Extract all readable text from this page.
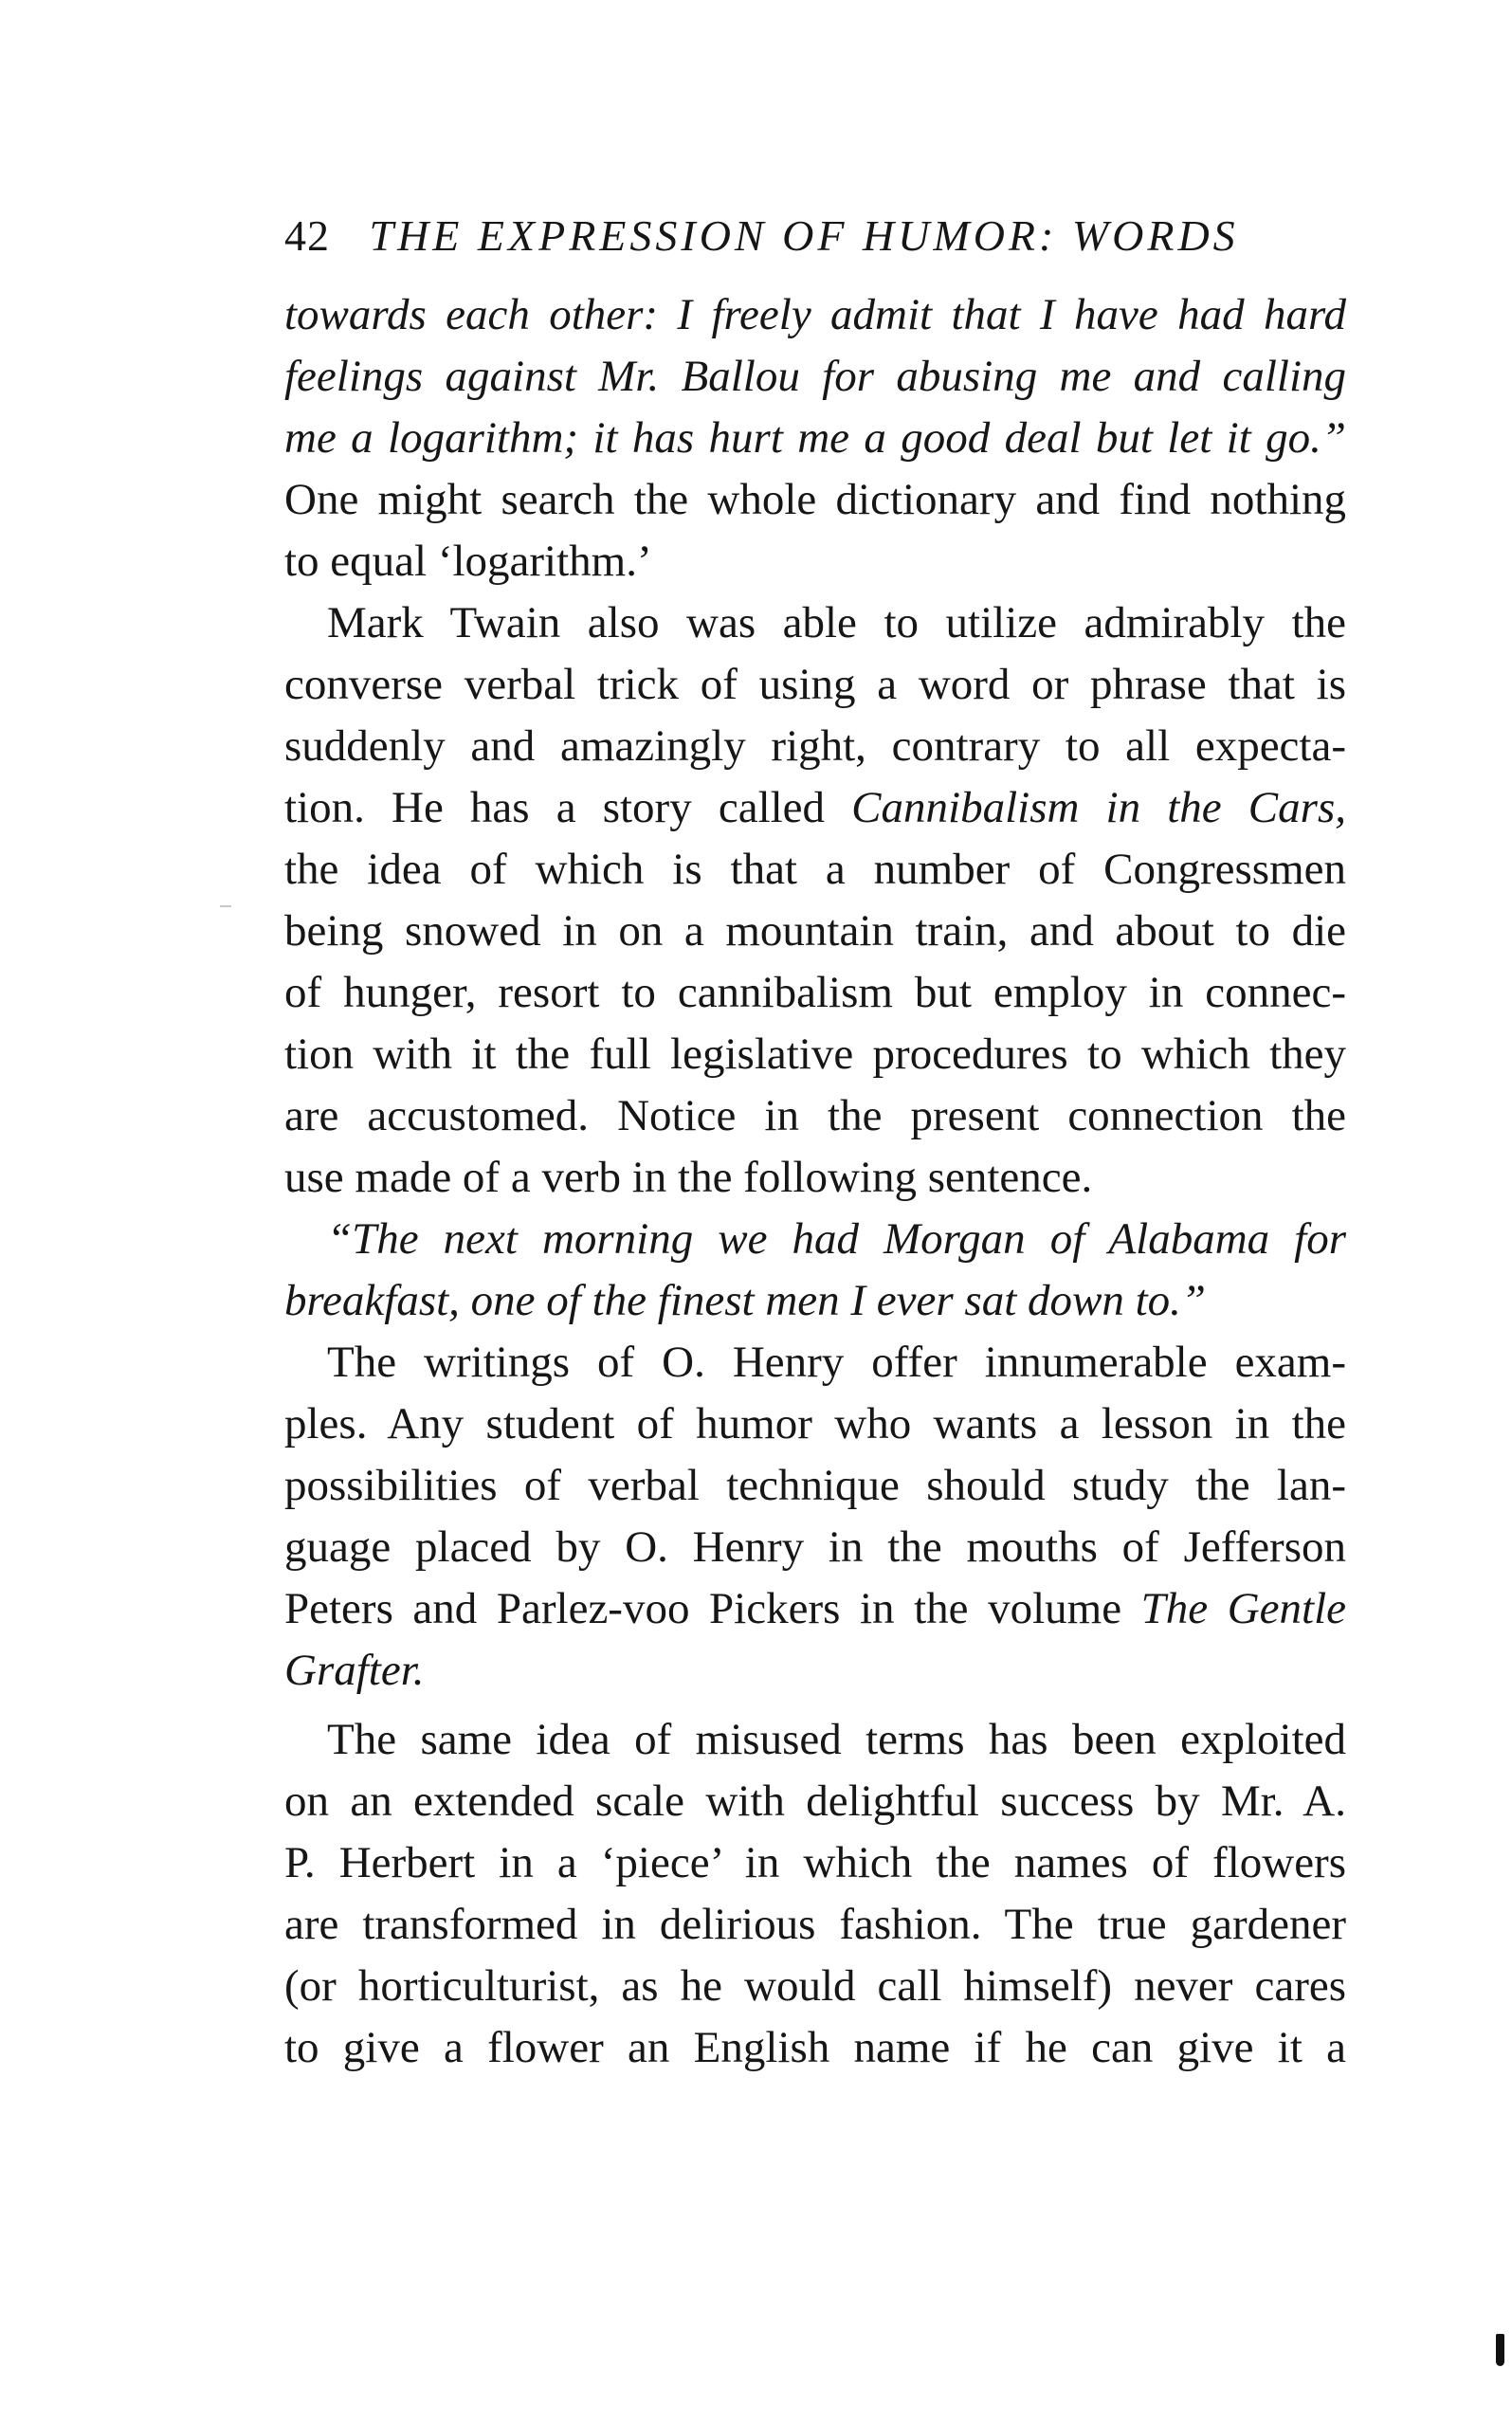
42 THE EXPRESSION OF HUMOR: WORDS
towards each other: I freely admit that I have had hard
feelings against Mr. Ballou for abusing me and calling
me a logarithm; it has hurt me a good deal but let it go.”
One might search the whole dictionary and find nothing
to equal ‘logarithm.’
Mark Twain also was able to utilize admirably the
converse verbal trick of using a word or phrase that is
suddenly and amazingly right, contrary to all expecta-
tion. He has a story called Cannibalism in the Cars,
the idea of which is that a number of Congressmen
being snowed in on a mountain train, and about to die
of hunger, resort to cannibalism but employ in connec-
tion with it the full legislative procedures to which they
are accustomed. Notice in the present connection the
use made of a verb in the following sentence.
“The next morning we had Morgan of Alabama for
breakfast, one of the finest men I ever sat down to.”
The writings of O. Henry offer innumerable exam-
ples. Any student of humor who wants a lesson in the
possibilities of verbal technique should study the lan-
guage placed by O. Henry in the mouths of Jefferson
Peters and Parlez-voo Pickers in the volume The Gentle
Grafter.
The same idea of misused terms has been exploited
on an extended scale with delightful success by Mr. A.
P. Herbert in a ‘piece’ in which the names of flowers
are transformed in delirious fashion. The true gardener
(or horticulturist, as he would call himself) never cares
to give a flower an English name if he can give it a
